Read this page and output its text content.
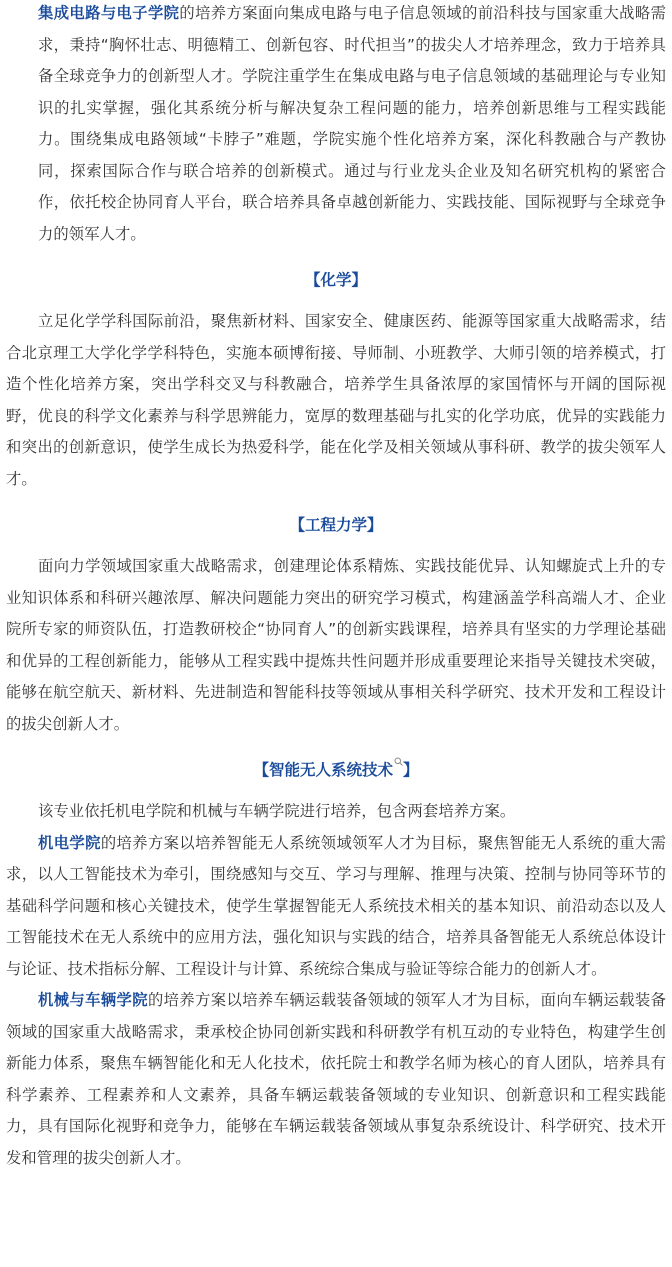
集成电路与电子学院的培养方案面向集成电路与电子信息领域的前沿科技与国家重大战略需求，秉持“胸怀壮志、明德精工、创新包容、时代担当”的拔尖人才培养理念，致力于培养具备全球竞争力的创新型人才。学院注重学生在集成电路与电子信息领域的基础理论与专业知识的扎实掌握，强化其系统分析与解决复杂工程问题的能力，培养创新思维与工程实践能力。围绕集成电路领域“卡脖子”难题，学院实施个性化培养方案，深化科教融合与产教协同，探索国际合作与联合培养的创新模式。通过与行业龙头企业及知名研究机构的紧密合作，依托校企协同育人平台，联合培养具备卓越创新能力、实践技能、国际视野与全球竞争力的领军人才。

【化学】

立足化学学科国际前沿，聚焦新材料、国家安全、健康医药、能源等国家重大战略需求，结合北京理工大学化学学科特色，实施本硕博衔接、导师制、小班教学、大师引领的培养模式，打造个性化培养方案，突出学科交叉与科教融合，培养学生具备浓厚的家国情怀与开阔的国际视野，优良的科学文化素养与科学思辨能力，宽厚的数理基础与扎实的化学功底，优异的实践能力和突出的创新意识，使学生成长为热爱科学，能在化学及相关领域从事科研、教学的拔尖领军人才。

【工程力学】

面向力学领域国家重大战略需求，创建理论体系精炼、实践技能优异、认知螺旋式上升的专业知识体系和科研兴趣浓厚、解决问题能力突出的研究学习模式，构建涵盖学科高端人才、企业院所专家的师资队伍，打造教研校企“协同育人”的创新实践课程，培养具有坚实的力学理论基础和优异的工程创新能力，能够从工程实践中提炼共性问题并形成重要理论来指导关键技术突破，能够在航空航天、新材料、先进制造和智能科技等领域从事相关科学研究、技术开发和工程设计的拔尖创新人才。

【智能无人系统技术 】

该专业依托机电学院和机械与车辆学院进行培养，包含两套培养方案。

机电学院的培养方案以培养智能无人系统领域领军人才为目标，聚焦智能无人系统的重大需求，以人工智能技术为牵引，围绕感知与交互、学习与理解、推理与决策、控制与协同等环节的基础科学问题和核心关键技术，使学生掌握智能无人系统技术相关的基本知识、前沿动态以及人工智能技术在无人系统中的应用方法，强化知识与实践的结合，培养具备智能无人系统总体设计与论证、技术指标分解、工程设计与计算、系统综合集成与验证等综合能力的创新人才。

机械与车辆学院的培养方案以培养车辆运载装备领域的领军人才为目标，面向车辆运载装备领域的国家重大战略需求，秉承校企协同创新实践和科研教学有机互动的专业特色，构建学生创新能力体系，聚焦车辆智能化和无人化技术，依托院士和教学名师为核心的育人团队，培养具有科学素养、工程素养和人文素养，具备车辆运载装备领域的专业知识、创新意识和工程实践能力，具有国际化视野和竞争力，能够在车辆运载装备领域从事复杂系统设计、科学研究、技术开发和管理的拔尖创新人才。
